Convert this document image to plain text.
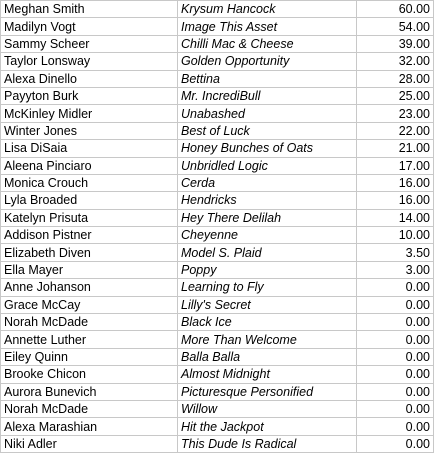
Meghan Smith	Krysum Hancock	60.00
Madilyn Vogt	Image This Asset	54.00
Sammy Scheer	Chilli Mac & Cheese	39.00
Taylor Lonsway	Golden Opportunity	32.00
Alexa Dinello	Bettina	28.00
Payyton Burk	Mr. IncrediBull	25.00
McKinley Midler	Unabashed	23.00
Winter Jones	Best of Luck	22.00
Lisa DiSaia	Honey Bunches of Oats	21.00
Aleena Pinciaro	Unbridled Logic	17.00
Monica Crouch	Cerda	16.00
Lyla Broaded	Hendricks	16.00
Katelyn Prisuta	Hey There Delilah	14.00
Addison Pistner	Cheyenne	10.00
Elizabeth Diven	Model S. Plaid	3.50
Ella Mayer	Poppy	3.00
Anne Johanson	Learning to Fly	0.00
Grace McCay	Lilly's Secret	0.00
Norah McDade	Black Ice	0.00
Annette Luther	More Than Welcome	0.00
Eiley Quinn	Balla Balla	0.00
Brooke Chicon	Almost Midnight	0.00
Aurora Bunevich	Picturesque Personified	0.00
Norah McDade	Willow	0.00
Alexa Marashian	Hit the Jackpot	0.00
Niki Adler	This Dude Is Radical	0.00
